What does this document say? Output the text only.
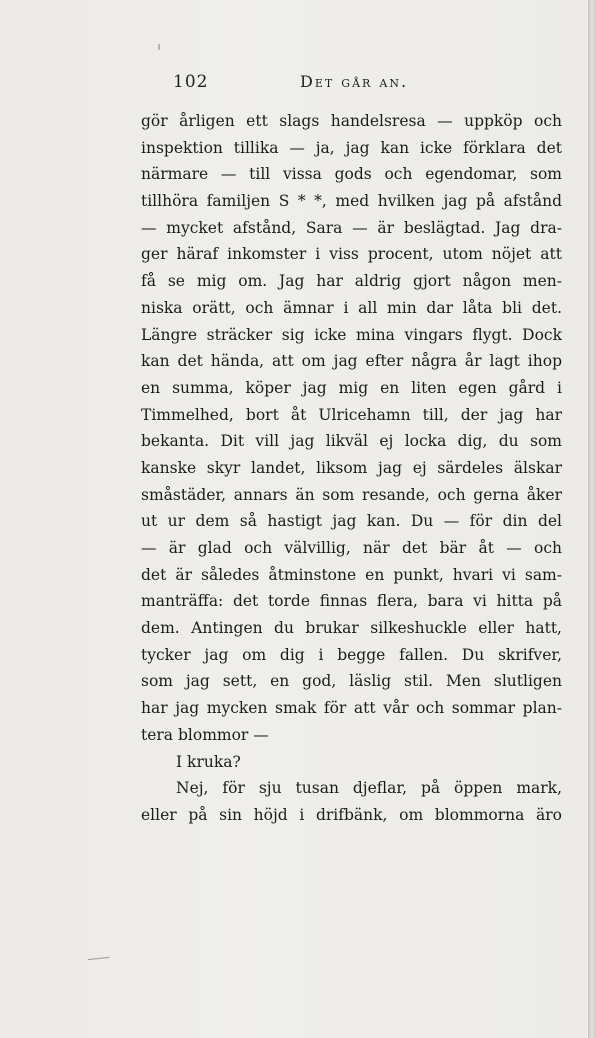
102	Det går an.
gör årligen ett slags handelsresa — uppköp och
inspektion tillika — ja, jag kan icke förklara det
närmare — till vissa gods och egendomar, som
tillhöra familjen S * *, med hvilken jag på afstånd
— mycket afstånd, Sara — är beslägtad. Jag dra-
ger häraf inkomster i viss procent, utom nöjet att
få se mig om. Jag har aldrig gjort någon men-
niska orätt, och ämnar i all min dar låta bli det.
Längre sträcker sig icke mina vingars flygt. Dock
kan det hända, att om jag efter några år lagt ihop
en summa, köper jag mig en liten egen gård i
Timmelhed, bort åt Ulricehamn till, der jag har
bekanta. Dit vill jag likväl ej locka dig, du som
kanske skyr landet, liksom jag ej särdeles älskar
småstäder, annars än som resande, och gerna åker
ut ur dem så hastigt jag kan. Du — för din del
— är glad och välvillig, när det bär åt — och
det är således åtminstone en punkt, hvari vi sam-
manträffa: det torde finnas flera, bara vi hitta på
dem. Antingen du brukar silkeshuckle eller hatt,
tycker jag om dig i begge fallen. Du skrifver,
som jag sett, en god, läslig stil. Men slutligen
har jag mycken smak för att vår och sommar plan-
tera blommor —
I kruka?
Nej, för sju tusan djeflar, på öppen mark,
eller på sin höjd i drifbänk, om blommorna äro
